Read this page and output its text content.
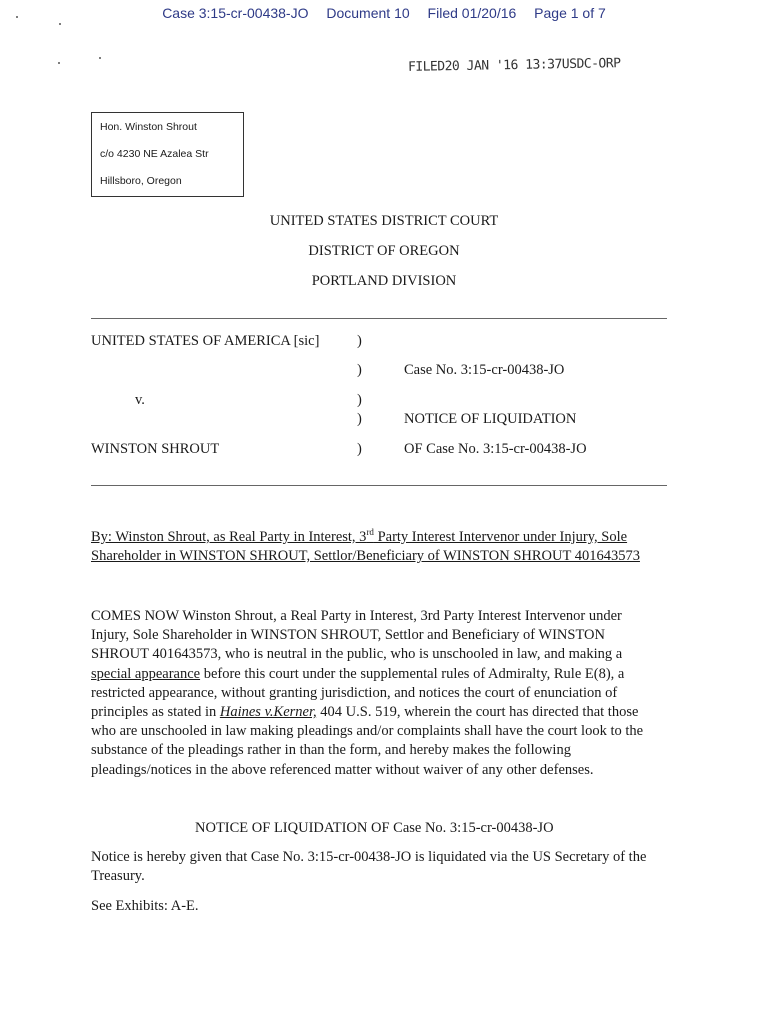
Case 3:15-cr-00438-JO Document 10 Filed 01/20/16 Page 1 of 7
FILED20 JAN '16 13:37USDC-ORP
Hon. Winston Shrout
c/o 4230 NE Azalea Str
Hillsboro, Oregon
UNITED STATES DISTRICT COURT
DISTRICT OF OREGON
PORTLAND DIVISION
UNITED STATES OF AMERICA [sic]	)
)	Case No. 3:15-cr-00438-JO
v.	)
)	NOTICE OF LIQUIDATION
WINSTON SHROUT	)	OF Case No. 3:15-cr-00438-JO
By: Winston Shrout, as Real Party in Interest, 3rd Party Interest Intervenor under Injury, Sole
Shareholder in WINSTON SHROUT, Settlor/Beneficiary of WINSTON SHROUT 401643573
COMES NOW Winston Shrout, a Real Party in Interest, 3rd Party Interest Intervenor under
Injury, Sole Shareholder in WINSTON SHROUT, Settlor and Beneficiary of WINSTON
SHROUT 401643573, who is neutral in the public, who is unschooled in law, and making a
special appearance before this court under the supplemental rules of Admiralty, Rule E(8), a
restricted appearance, without granting jurisdiction, and notices the court of enunciation of
principles as stated in Haines v.Kerner, 404 U.S. 519, wherein the court has directed that those
who are unschooled in law making pleadings and/or complaints shall have the court look to the
substance of the pleadings rather in than the form, and hereby makes the following
pleadings/notices in the above referenced matter without waiver of any other defenses.
NOTICE OF LIQUIDATION OF Case No. 3:15-cr-00438-JO
Notice is hereby given that Case No. 3:15-cr-00438-JO is liquidated via the US Secretary of the
Treasury.
See Exhibits: A-E.
